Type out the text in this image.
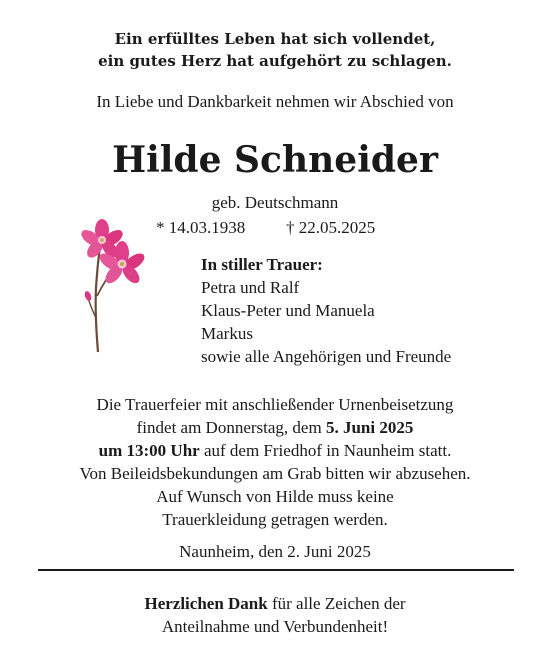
Ein erfülltes Leben hat sich vollendet,
ein gutes Herz hat aufgehört zu schlagen.
In Liebe und Dankbarkeit nehmen wir Abschied von
Hilde Schneider
geb. Deutschmann
* 14.03.1938 † 22.05.2025
In stiller Trauer:
Petra und Ralf
Klaus-Peter und Manuela
Markus
sowie alle Angehörigen und Freunde
Die Trauerfeier mit anschließender Urnenbeisetzung
findet am Donnerstag, dem 5. Juni 2025
um 13:00 Uhr auf dem Friedhof in Naunheim statt.
Von Beileidsbekundungen am Grab bitten wir abzusehen.
Auf Wunsch von Hilde muss keine
Trauerkleidung getragen werden.
Naunheim, den 2. Juni 2025
Herzlichen Dank für alle Zeichen der
Anteilnahme und Verbundenheit!
